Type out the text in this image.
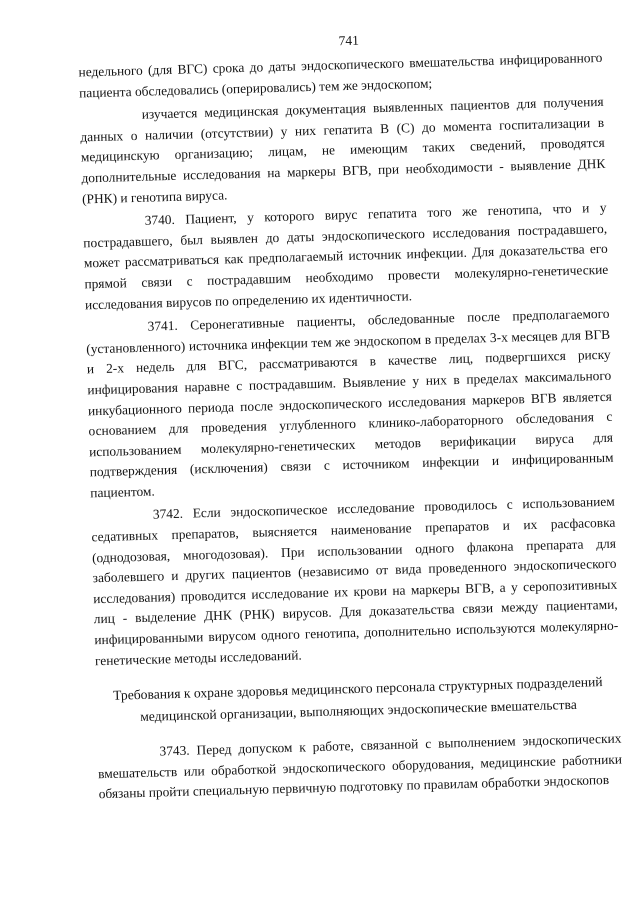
741

недельного (для ВГС) срока до даты эндоскопического вмешательства инфицированного пациента обследовались (оперировались) тем же эндоскопом;

изучается медицинская документация выявленных пациентов для получения данных о наличии (отсутствии) у них гепатита В (С) до момента госпитализации в медицинскую организацию; лицам, не имеющим таких сведений, проводятся дополнительные исследования на маркеры ВГВ, при необходимости - выявление ДНК (РНК) и генотипа вируса.

3740. Пациент, у которого вирус гепатита того же генотипа, что и у пострадавшего, был выявлен до даты эндоскопического исследования пострадавшего, может рассматриваться как предполагаемый источник инфекции. Для доказательства его прямой связи с пострадавшим необходимо провести молекулярно-генетические исследования вирусов по определению их идентичности.

3741. Серонегативные пациенты, обследованные после предполагаемого (установленного) источника инфекции тем же эндоскопом в пределах 3-х месяцев для ВГВ и 2-х недель для ВГС, рассматриваются в качестве лиц, подвергшихся риску инфицирования наравне с пострадавшим. Выявление у них в пределах максимального инкубационного периода после эндоскопического исследования маркеров ВГВ является основанием для проведения углубленного клинико-лабораторного обследования с использованием молекулярно-генетических методов верификации вируса для подтверждения (исключения) связи с источником инфекции и инфицированным пациентом.

3742. Если эндоскопическое исследование проводилось с использованием седативных препаратов, выясняется наименование препаратов и их расфасовка (однодозовая, многодозовая). При использовании одного флакона препарата для заболевшего и других пациентов (независимо от вида проведенного эндоскопического исследования) проводится исследование их крови на маркеры ВГВ, а у серопозитивных лиц - выделение ДНК (РНК) вирусов. Для доказательства связи между пациентами, инфицированными вирусом одного генотипа, дополнительно используются молекулярно-генетические методы исследований.

Требования к охране здоровья медицинского персонала структурных подразделений медицинской организации, выполняющих эндоскопические вмешательства

3743. Перед допуском к работе, связанной с выполнением эндоскопических вмешательств или обработкой эндоскопического оборудования, медицинские работники обязаны пройти специальную первичную подготовку по правилам обработки эндоскопов
